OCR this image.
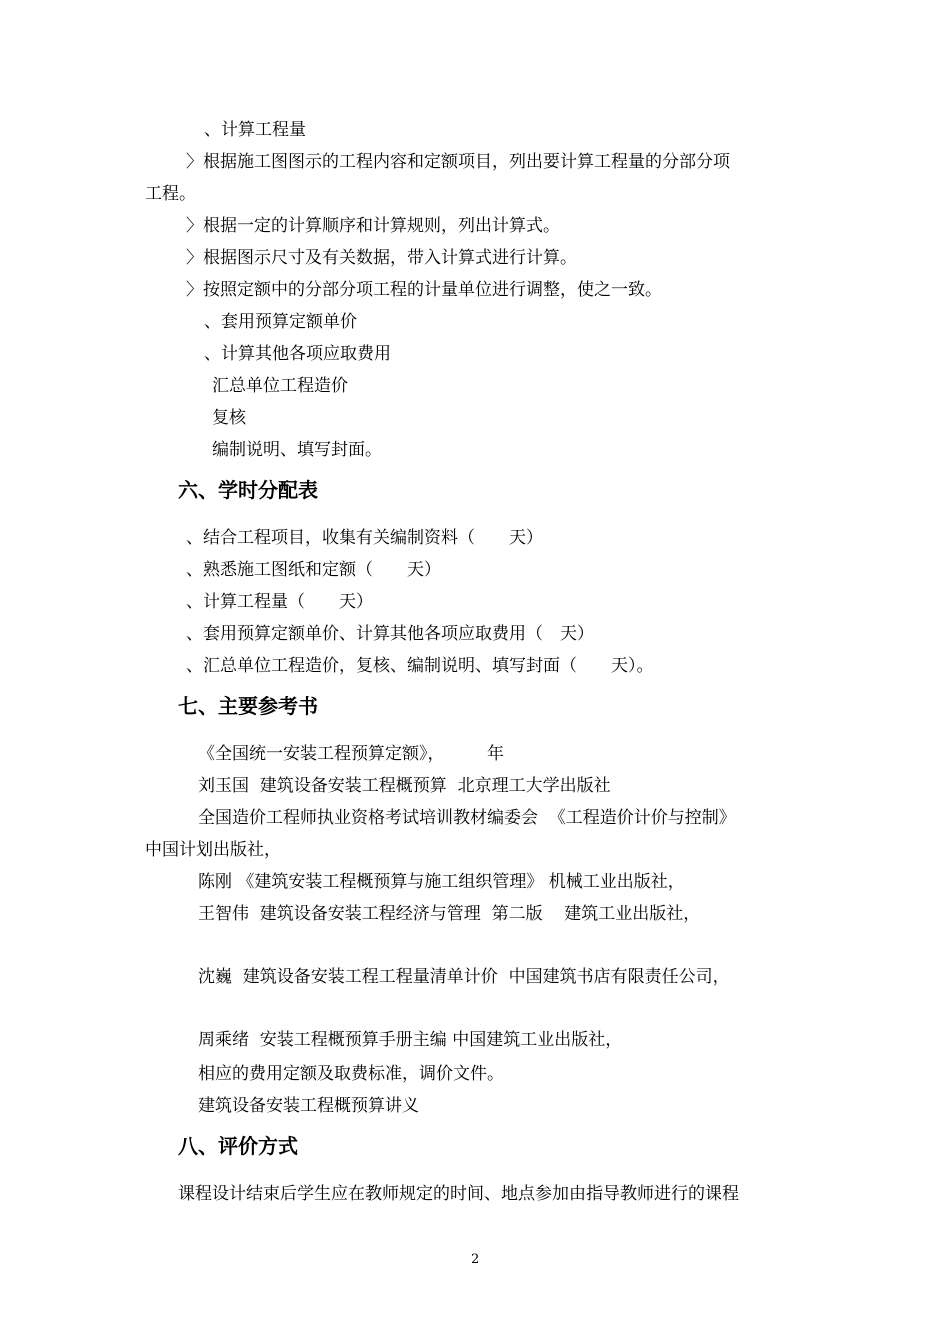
、计算工程量
〉根据施工图图示的工程内容和定额项目，列出要计算工程量的分部分项
工程。
〉根据一定的计算顺序和计算规则，列出计算式。
〉根据图示尺寸及有关数据，带入计算式进行计算。
〉按照定额中的分部分项工程的计量单位进行调整，使之一致。
、套用预算定额单价
、计算其他各项应取费用
汇总单位工程造价
复核
编制说明、填写封面。
六、学时分配表
、结合工程项目，收集有关编制资料（　　天）
、熟悉施工图纸和定额（　　天）
、计算工程量（　　天）
、套用预算定额单价、计算其他各项应取费用（　天）
、汇总单位工程造价，复核、编制说明、填写封面（　　天）。
七、主要参考书
《全国统一安装工程预算定额》，　　　年
刘玉国  建筑设备安装工程概预算  北京理工大学出版社
全国造价工程师执业资格考试培训教材编委会  《工程造价计价与控制》
中国计划出版社，
陈刚 《建筑安装工程概预算与施工组织管理》 机械工业出版社，
王智伟  建筑设备安装工程经济与管理  第二版    建筑工业出版社，
沈巍  建筑设备安装工程工程量清单计价  中国建筑书店有限责任公司，
周乘绪  安装工程概预算手册主编 中国建筑工业出版社，
相应的费用定额及取费标准，调价文件。
建筑设备安装工程概预算讲义
八、评价方式
课程设计结束后学生应在教师规定的时间、地点参加由指导教师进行的课程
2
